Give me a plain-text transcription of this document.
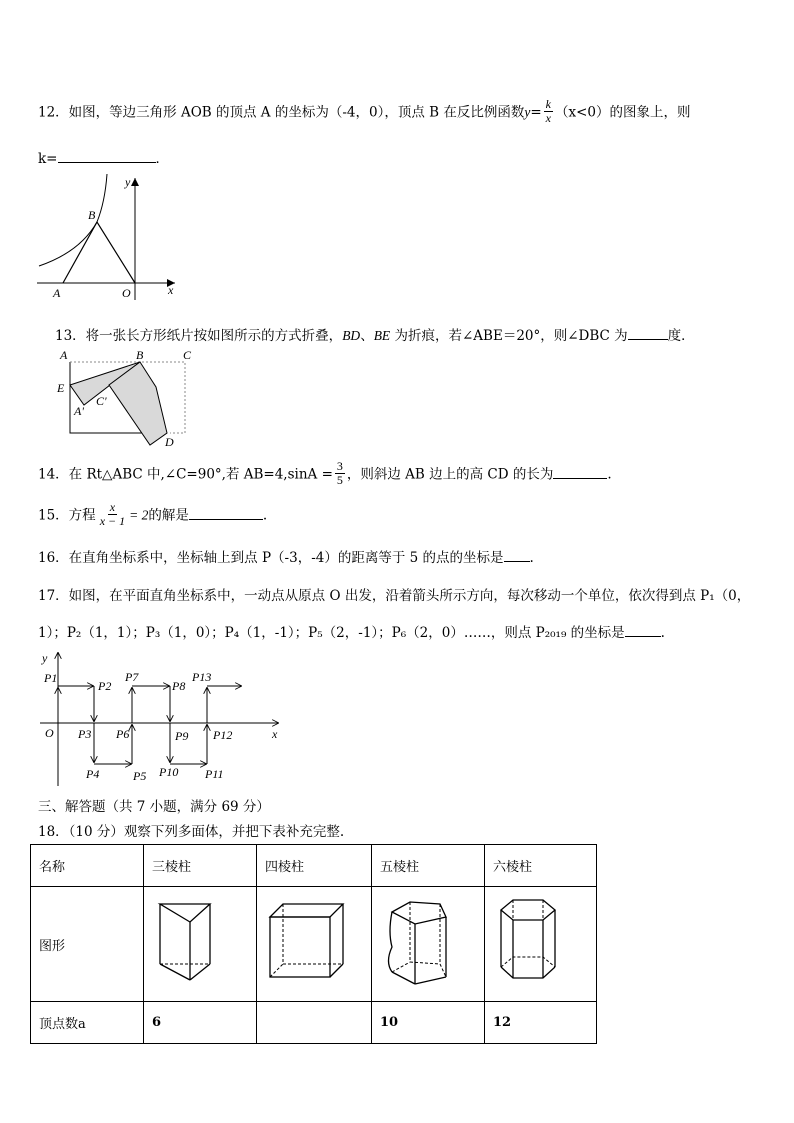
12．如图，等边三角形 AOB 的顶点 A 的坐标为（-4，0），顶点 B 在反比例函数$y= \frac{k}{x} (x<0)$的图象上，则
k=	．
y
B
A	O	x
13．将一张长方形纸片按如图所示的方式折叠，BD、BE 为折痕，若∠ABE＝20°，则∠DBC 为	度．
A	B	C
E
A'
C'
D
14．在 Rt△ABC 中,∠C=90°,若 $AB=4,\sin A = \frac{3}{5}$ ，则斜边 AB 边上的高 CD 的长为	.
15．方程 $\frac{x}{x - 1} = 2$的解是	.
16．在直角坐标系中，坐标轴上到点 P（-3，-4）的距离等于 5 的点的坐标是 .
17．如图，在平面直角坐标系中，一动点从原点 O 出发，沿着箭头所示方向，每次移动一个单位，依次得到点 P₁（0，
1）；P₂（1，1）；P₃（1，0）；P₄（1，-1）；P₅（2，-1）；P₆（2，0）……，则点 P₂₀₁₉ 的坐标是	.
P1
P2
P3
P4	P5
P6
P7
P8
P9
P10 P11
P12
P13
y
O	x
三、解答题（共 7 小题，满分 69 分）
18．（10 分）观察下列多面体，并把下表补充完整.
名称	三棱柱	四棱柱	五棱柱	六棱柱
图形				
顶点数a	6		10	12
